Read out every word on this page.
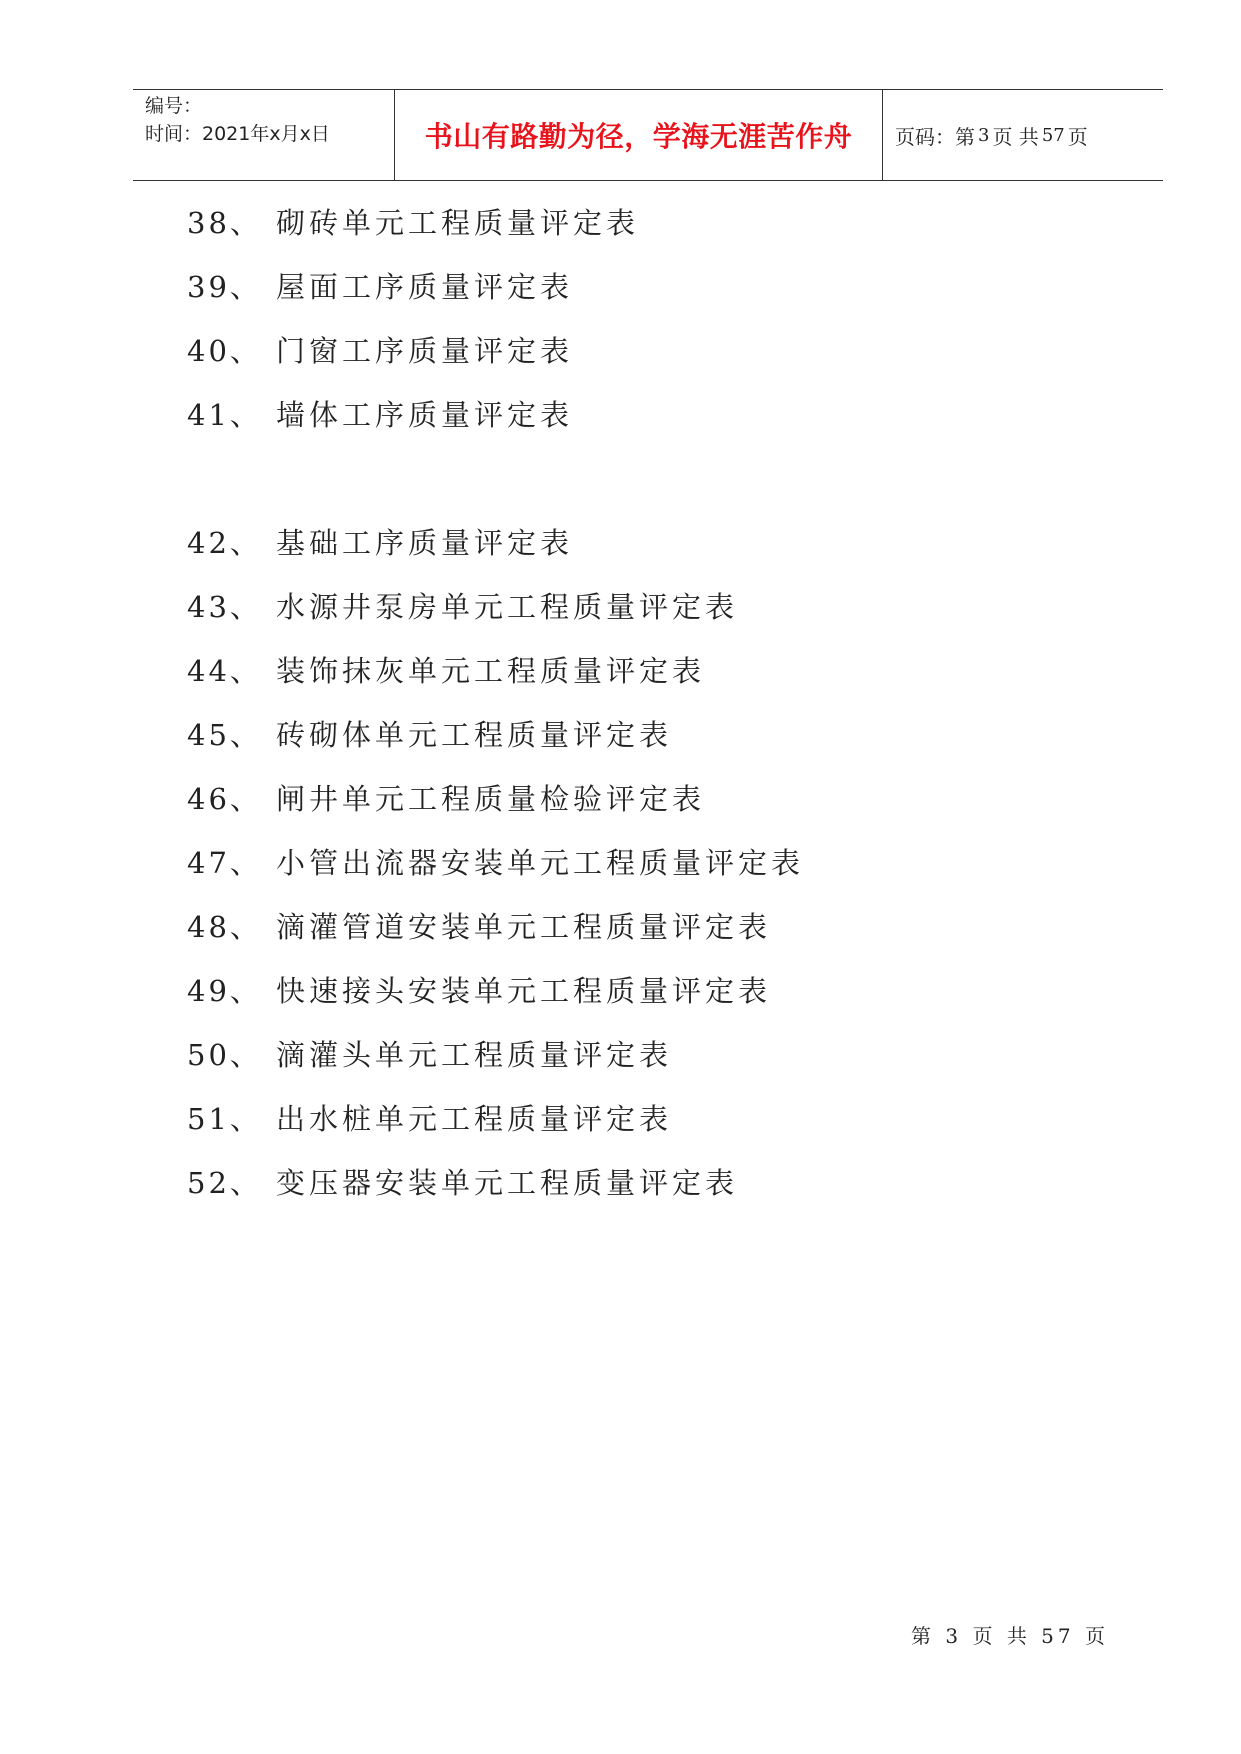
编号：
时间：2021年x月x日	书山有路勤为径，学海无涯苦作舟 页码：第 3 页 共 57 页
38、 砌砖单元工程质量评定表
39、 屋面工序质量评定表
40、 门窗工序质量评定表
41、 墙体工序质量评定表
42、 基础工序质量评定表
43、 水源井泵房单元工程质量评定表
44、 装饰抹灰单元工程质量评定表
45、 砖砌体单元工程质量评定表
46、 闸井单元工程质量检验评定表
47、 小管出流器安装单元工程质量评定表
48、 滴灌管道安装单元工程质量评定表
49、 快速接头安装单元工程质量评定表
50、 滴灌头单元工程质量评定表
51、 出水桩单元工程质量评定表
52、 变压器安装单元工程质量评定表
第 3 页 共 57 页
